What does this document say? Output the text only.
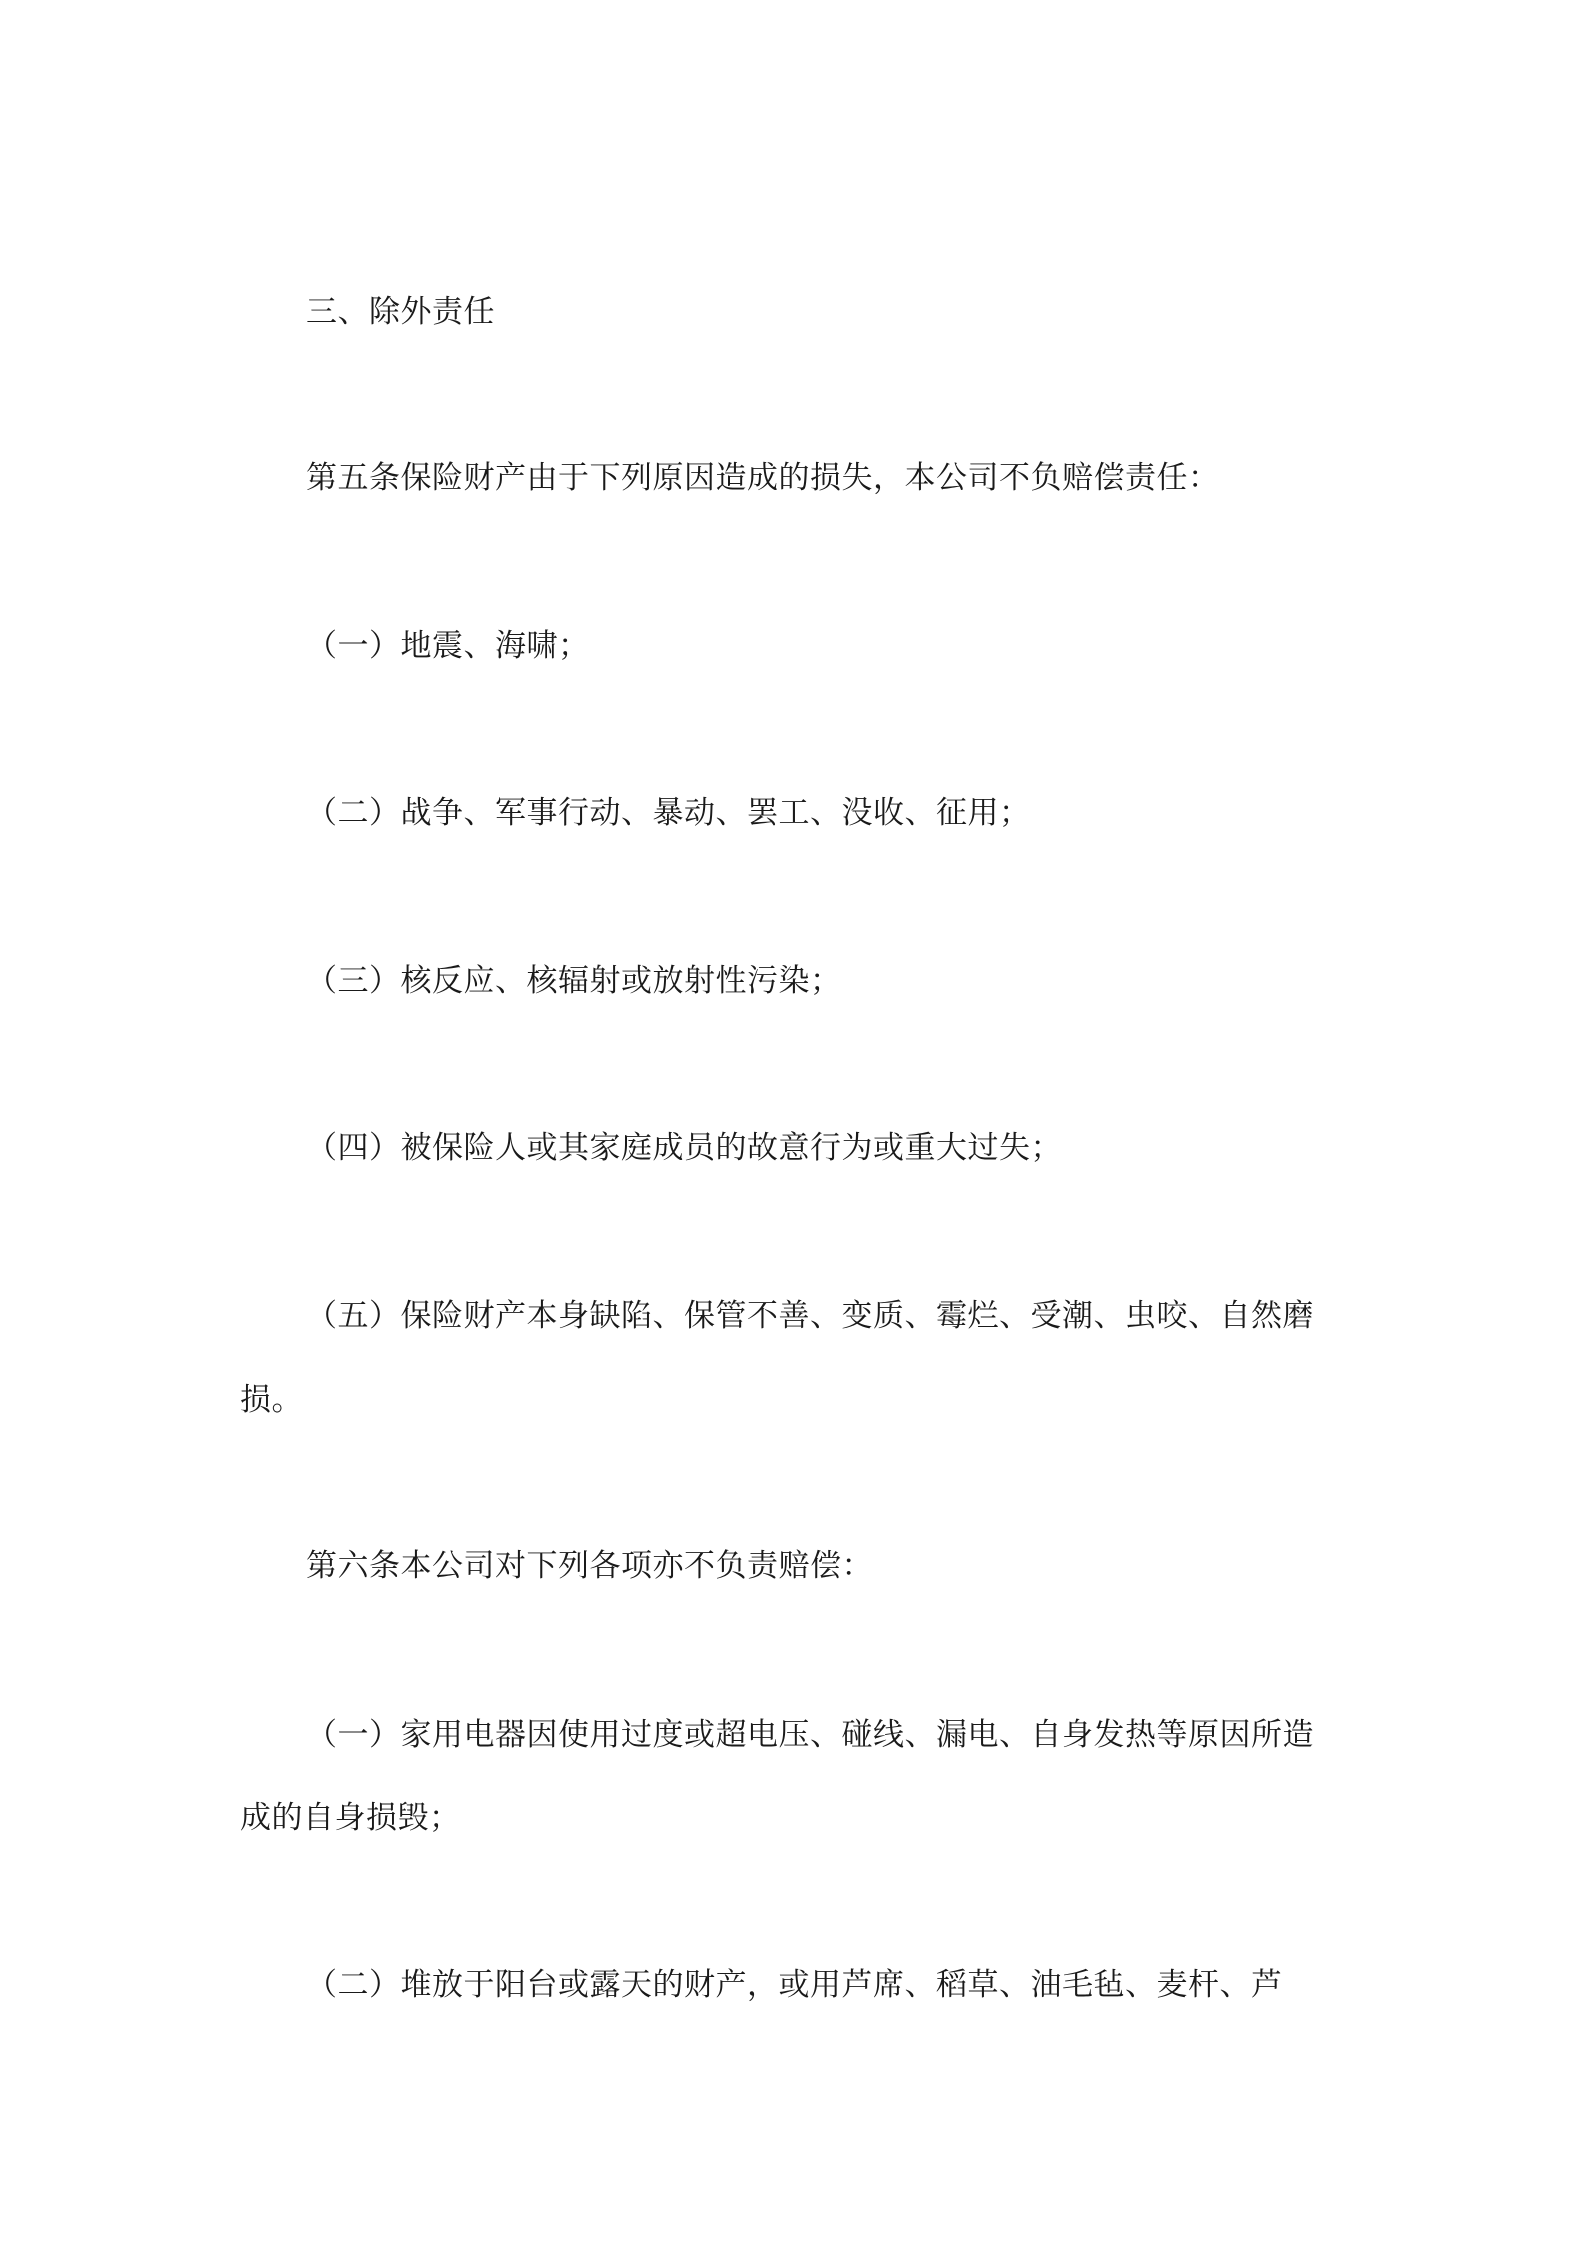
三、除外责任
第五条保险财产由于下列原因造成的损失，本公司不负赔偿责任：
（一）地震、海啸；
（二）战争、军事行动、暴动、罢工、没收、征用；
（三）核反应、核辐射或放射性污染；
（四）被保险人或其家庭成员的故意行为或重大过失；
（五）保险财产本身缺陷、保管不善、变质、霉烂、受潮、虫咬、自然磨
损。
第六条本公司对下列各项亦不负责赔偿：
（一）家用电器因使用过度或超电压、碰线、漏电、自身发热等原因所造
成的自身损毁；
（二）堆放于阳台或露天的财产，或用芦席、稻草、油毛毡、麦杆、芦
